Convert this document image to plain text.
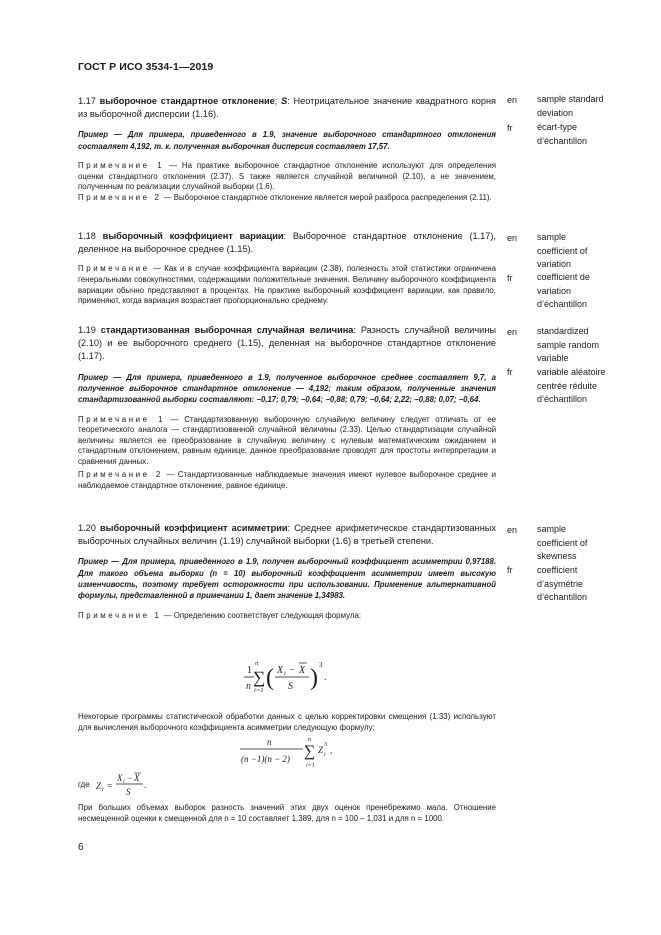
ГОСТ Р ИСО 3534-1—2019

1.17 выборочное стандартное отклонение; S: Неотрицательное значение квадратного корня из выборочной дисперсии (1.16).

Пример — Для примера, приведенного в 1.9, значение выборочного стандартного отклонения составляет 4,192, т. к. полученная выборочная дисперсия составляет 17,57.

Примечание 1 — На практике выборочное стандартное отклонение используют для определения оценки стандартного отклонения (2.37). S также является случайной величиной (2.10), а не значением, полученным по реализации случайной выборки (1.6).

Примечание 2 — Выборочное стандартное отклонение является мерой разброса распределения (2.11).

en
fr
sample standard deviation
écart-type d’échantillon

1.18 выборочный коэффициент вариации: Выборочное стандартное отклонение (1.17), деленное на выборочное среднее (1.15).

Примечание — Как и в случае коэффициента вариации (2.38), полезность этой статистики ограничена генеральными совокупностями, содержащими положительные значения. Величину выборочного коэффициента вариации обычно представляют в процентах. На практике выборочный коэффициент вариации, как правило, применяют, когда вариация возрастает пропорционально среднему.

en
fr
sample coefficient of variation
coefficient de variation d’échantillon

1.19 стандартизованная выборочная случайная величина: Разность случайной величины (2.10) и ее выборочного среднего (1.15), деленная на выборочное стандартное отклонение (1.17).

Пример — Для примера, приведенного в 1.9, полученное выборочное среднее составляет 9,7, а полученное выборочное стандартное отклонение — 4,192; таким образом, полученные значения стандартизованной выборки составляют: −0,17; 0,79; −0,64; −0,88; 0,79; −0,64; 2,22; −0,88; 0,07; −0,64.

Примечание 1 — Стандартизованную выборочную случайную величину следует отличать от ее теоретического аналога — стандартизованной случайной величины (2.33). Целью стандартизации случайной величины является ее преобразование в случайную величину с нулевым математическим ожиданием и стандартным отклонением, равным единице; данное преобразование проводят для простоты интерпретации и сравнения данных.

Примечание 2 — Стандартизованные наблюдаемые значения имеют нулевое выборочное среднее и наблюдаемое стандартное отклонение, равное единице.

en
fr
standardized sample random variable
variable aléatoire centrée réduite d’échantillon

1.20 выборочный коэффициент асимметрии: Среднее арифметическое стандартизованных выборочных случайных величин (1.19) случайной выборки (1.6) в третьей степени.

Пример — Для примера, приведенного в 1.9, получен выборочный коэффициент асимметрии 0,97188. Для такого объема выборки (n = 10) выборочный коэффициент асимметрии имеет высокую изменчивость, поэтому требует осторожности при использовании. Применение альтернативной формулы, представленной в примечании 1, дает значение 1,34983.

Примечание 1 — Определению соответствует следующая формула:

en
fr
sample coefficient of skewness
coefficient d’asymétrie d’échantillon
1
n
n
∑
i=1 ( X i − X
S ) 3
.

Некоторые программы статистической обработки данных с целью корректировки смещения (1.33) используют для вычисления выборочного коэффициента асимметрии следующую формулу:

n
(n −1)(n − 2)
n
∑
i=1
Z i
3 ,
где Z i =
X i − X
S
.

При больших объемах выборок разность значений этих двух оценок пренебрежимо мала. Отношение несмещенной оценки к смещенной для n = 10 составляет 1,389, для n = 100 – 1,031 и для n = 1000.

6
